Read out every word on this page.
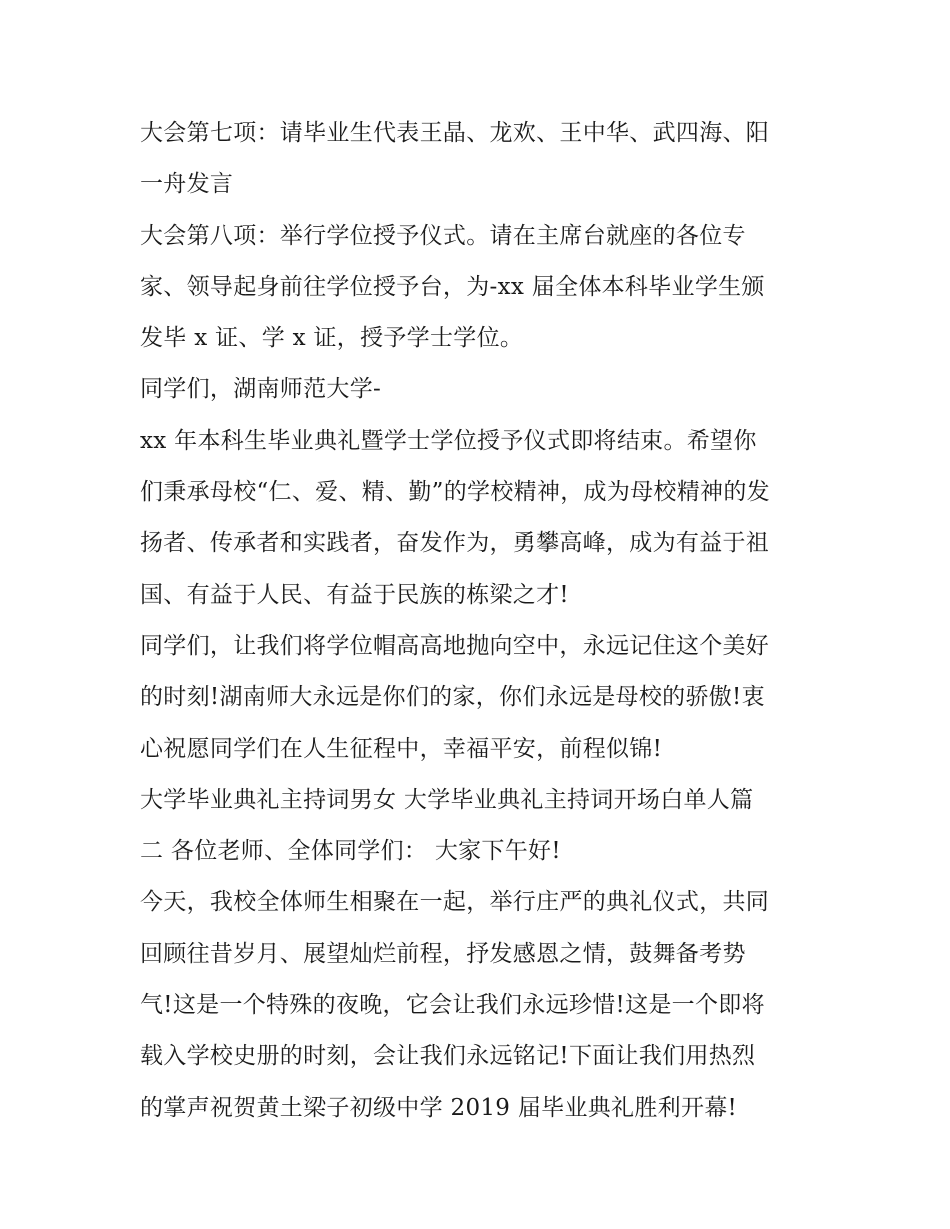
大会第七项：请毕业生代表王晶、龙欢、王中华、武四海、阳
一舟发言
大会第八项：举行学位授予仪式。请在主席台就座的各位专
家、领导起身前往学位授予台，为-xx 届全体本科毕业学生颁
发毕 x 证、学 x 证，授予学士学位。
同学们，湖南师范大学-
xx 年本科生毕业典礼暨学士学位授予仪式即将结束。希望你
们秉承母校“仁、爱、精、勤”的学校精神，成为母校精神的发
扬者、传承者和实践者，奋发作为，勇攀高峰，成为有益于祖
国、有益于人民、有益于民族的栋梁之才!
同学们，让我们将学位帽高高地抛向空中，永远记住这个美好
的时刻!湖南师大永远是你们的家，你们永远是母校的骄傲!衷
心祝愿同学们在人生征程中，幸福平安，前程似锦!
大学毕业典礼主持词男女 大学毕业典礼主持词开场白单人篇
二 各位老师、全体同学们： 大家下午好!
今天，我校全体师生相聚在一起，举行庄严的典礼仪式，共同
回顾往昔岁月、展望灿烂前程，抒发感恩之情，鼓舞备考势
气!这是一个特殊的夜晚，它会让我们永远珍惜!这是一个即将
载入学校史册的时刻，会让我们永远铭记!下面让我们用热烈
的掌声祝贺黄土梁子初级中学 2019 届毕业典礼胜利开幕!
